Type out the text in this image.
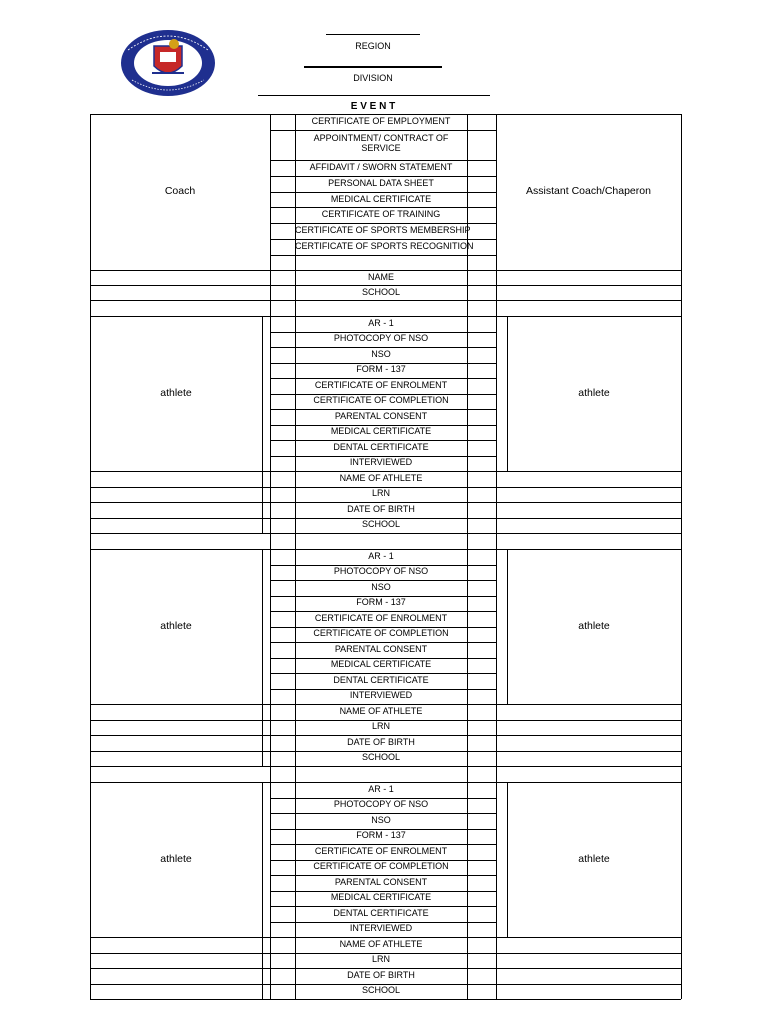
REGION
DIVISION
E V E N T
CERTIFICATE OF EMPLOYMENT
APPOINTMENT/ CONTRACT OF
SERVICE
AFFIDAVIT / SWORN STATEMENT
PERSONAL DATA SHEET
MEDICAL CERTIFICATE
CERTIFICATE OF TRAINING
CERTIFICATE OF SPORTS MEMBERSHIP
CERTIFICATE OF SPORTS RECOGNITION
Coach	Assistant Coach/Chaperon
NAME
SCHOOL
AR - 1
PHOTOCOPY OF NSO
NSO
FORM - 137
CERTIFICATE OF ENROLMENT
CERTIFICATE OF COMPLETION
PARENTAL CONSENT
MEDICAL CERTIFICATE
DENTAL CERTIFICATE
INTERVIEWED
NAME OF ATHLETE
LRN
DATE OF BIRTH
SCHOOL
athlete	athlete
AR - 1
PHOTOCOPY OF NSO
NSO
FORM - 137
CERTIFICATE OF ENROLMENT
CERTIFICATE OF COMPLETION
PARENTAL CONSENT
MEDICAL CERTIFICATE
DENTAL CERTIFICATE
INTERVIEWED
NAME OF ATHLETE
LRN
DATE OF BIRTH
SCHOOL
athlete	athlete
AR - 1
PHOTOCOPY OF NSO
NSO
FORM - 137
CERTIFICATE OF ENROLMENT
CERTIFICATE OF COMPLETION
PARENTAL CONSENT
MEDICAL CERTIFICATE
DENTAL CERTIFICATE
INTERVIEWED
NAME OF ATHLETE
LRN
DATE OF BIRTH
SCHOOL
athlete	athlete
